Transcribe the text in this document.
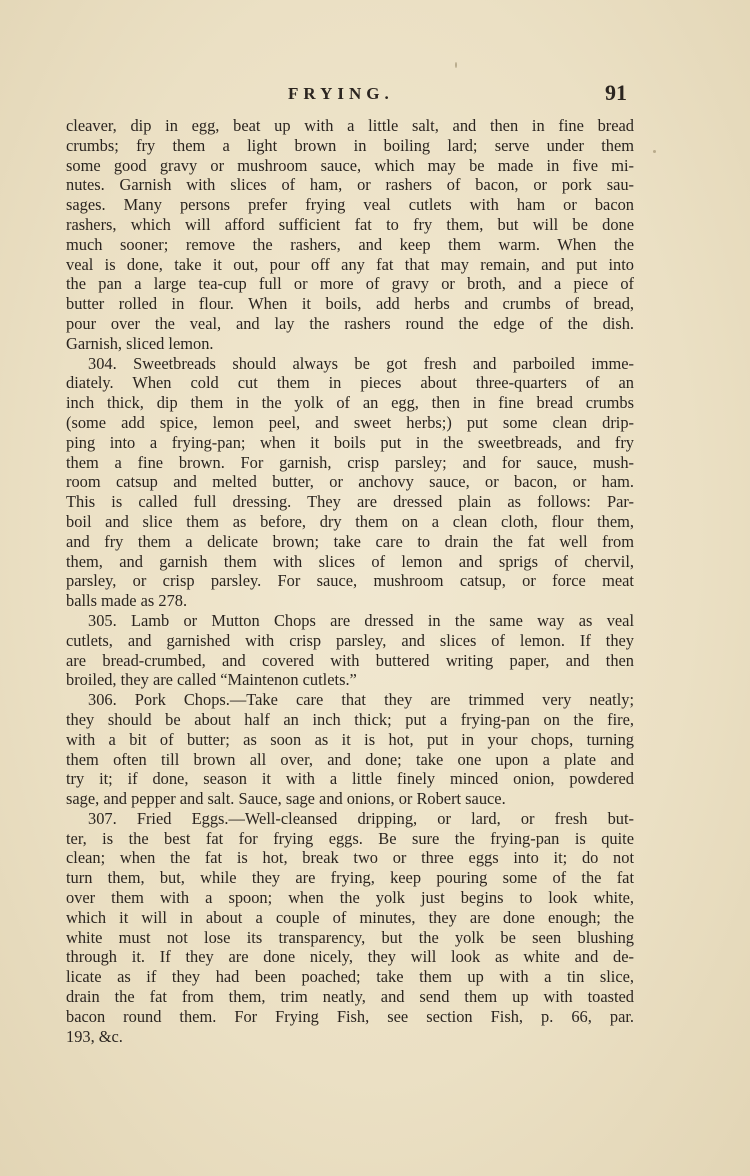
FRYING.	91
cleaver, dip in egg, beat up with a little salt, and then in fine bread
crumbs; fry them a light brown in boiling lard; serve under them
some good gravy or mushroom sauce, which may be made in five mi-
nutes. Garnish with slices of ham, or rashers of bacon, or pork sau-
sages. Many persons prefer frying veal cutlets with ham or bacon
rashers, which will afford sufficient fat to fry them, but will be done
much sooner; remove the rashers, and keep them warm. When the
veal is done, take it out, pour off any fat that may remain, and put into
the pan a large tea-cup full or more of gravy or broth, and a piece of
butter rolled in flour. When it boils, add herbs and crumbs of bread,
pour over the veal, and lay the rashers round the edge of the dish.
Garnish, sliced lemon.
304. Sweetbreads should always be got fresh and parboiled imme-
diately. When cold cut them in pieces about three-quarters of an
inch thick, dip them in the yolk of an egg, then in fine bread crumbs
(some add spice, lemon peel, and sweet herbs;) put some clean drip-
ping into a frying-pan; when it boils put in the sweetbreads, and fry
them a fine brown. For garnish, crisp parsley; and for sauce, mush-
room catsup and melted butter, or anchovy sauce, or bacon, or ham.
This is called full dressing. They are dressed plain as follows: Par-
boil and slice them as before, dry them on a clean cloth, flour them,
and fry them a delicate brown; take care to drain the fat well from
them, and garnish them with slices of lemon and sprigs of chervil,
parsley, or crisp parsley. For sauce, mushroom catsup, or force meat
balls made as 278.
305. Lamb or Mutton Chops are dressed in the same way as veal
cutlets, and garnished with crisp parsley, and slices of lemon. If they
are bread-crumbed, and covered with buttered writing paper, and then
broiled, they are called “Maintenon cutlets.”
306. Pork Chops.—Take care that they are trimmed very neatly;
they should be about half an inch thick; put a frying-pan on the fire,
with a bit of butter; as soon as it is hot, put in your chops, turning
them often till brown all over, and done; take one upon a plate and
try it; if done, season it with a little finely minced onion, powdered
sage, and pepper and salt. Sauce, sage and onions, or Robert sauce.
307. Fried Eggs.—Well-cleansed dripping, or lard, or fresh but-
ter, is the best fat for frying eggs. Be sure the frying-pan is quite
clean; when the fat is hot, break two or three eggs into it; do not
turn them, but, while they are frying, keep pouring some of the fat
over them with a spoon; when the yolk just begins to look white,
which it will in about a couple of minutes, they are done enough; the
white must not lose its transparency, but the yolk be seen blushing
through it. If they are done nicely, they will look as white and de-
licate as if they had been poached; take them up with a tin slice,
drain the fat from them, trim neatly, and send them up with toasted
bacon round them. For Frying Fish, see section Fish, p. 66, par.
193, &c.
